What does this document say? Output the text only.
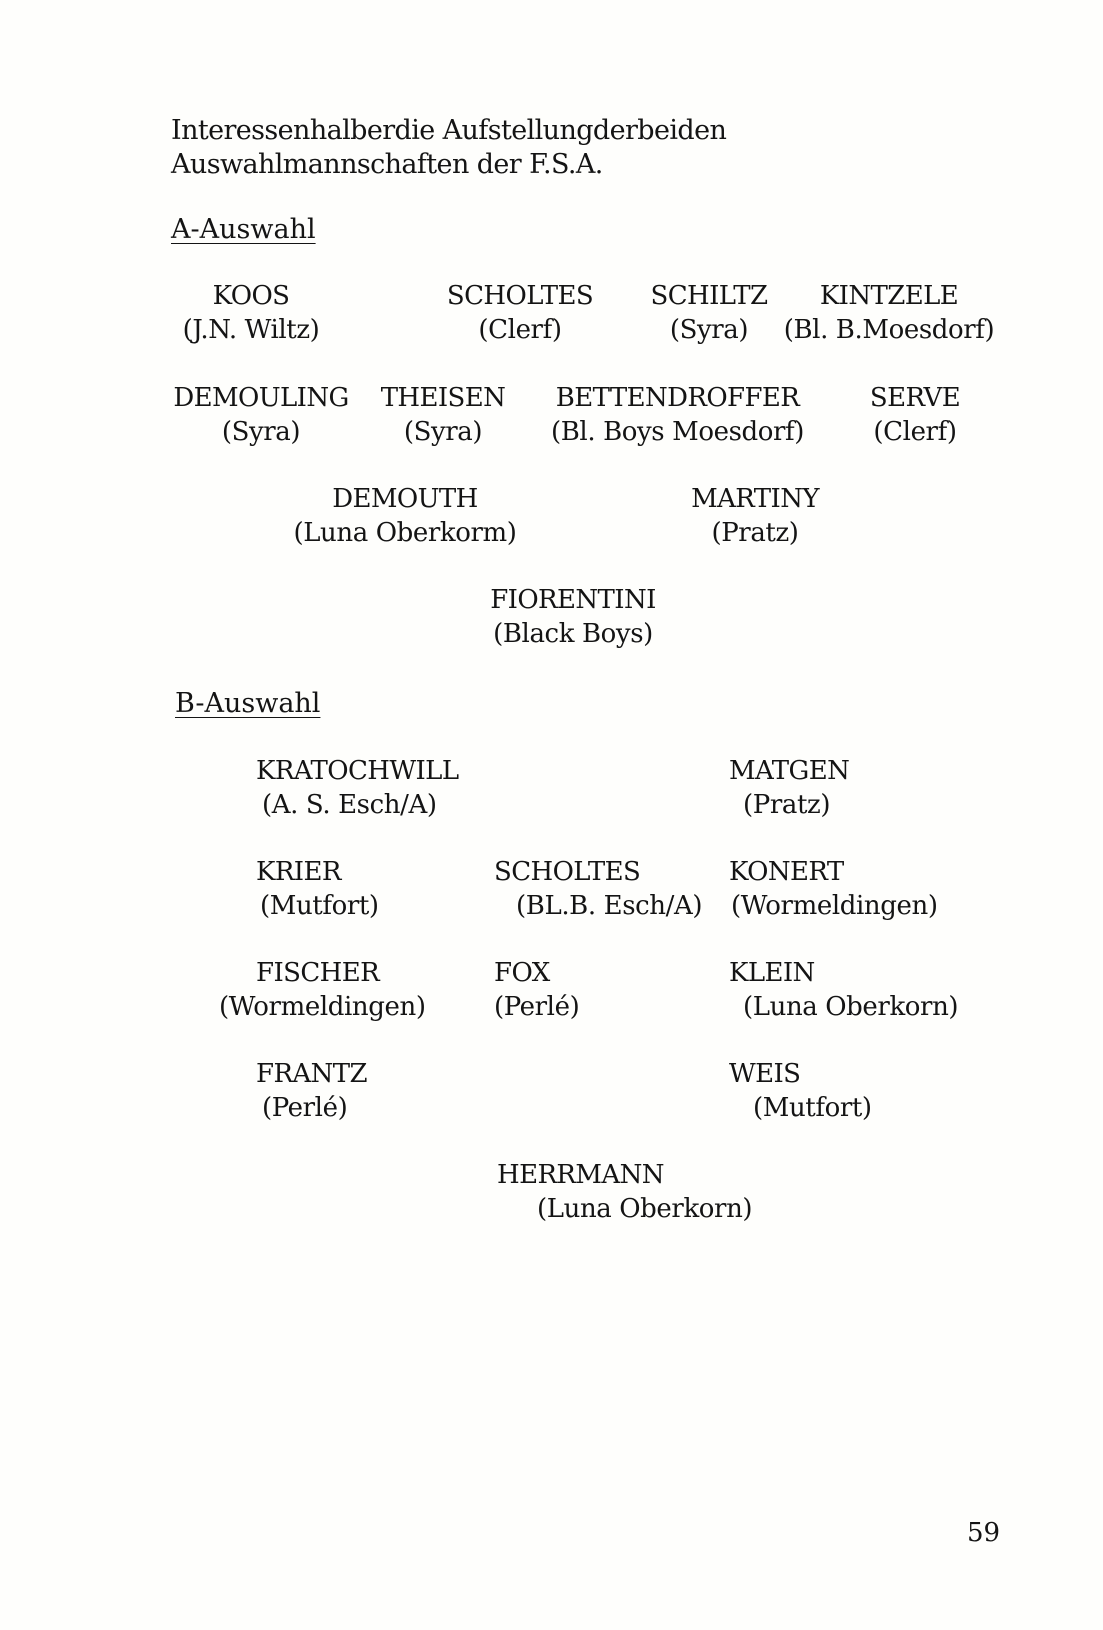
Interessenhalberdie Aufstellungderbeiden Auswahlmannschaften der F.S.A.

A-Auswahl

KOOS
(J.N. Wiltz)
SCHOLTES
(Clerf)
SCHILTZ
(Syra)
KINTZELE
(Bl. B.Moesdorf)
DEMOULING
(Syra)
THEISEN
(Syra)
BETTENDROFFER
(Bl. Boys Moesdorf)
SERVE
(Clerf)
DEMOUTH
(Luna Oberkorm)
MARTINY
(Pratz)
FIORENTINI
(Black Boys)

B-Auswahl

KRATOCHWILL
(A. S. Esch/A)
MATGEN
(Pratz)
KRIER
(Mutfort)
SCHOLTES
(BL.B. Esch/A)
KONERT
(Wormeldingen)
FISCHER
(Wormeldingen)
FOX
(Perlé)
KLEIN
(Luna Oberkorn)
FRANTZ
(Perlé)
WEIS
(Mutfort)
HERRMANN
(Luna Oberkorn)

59
